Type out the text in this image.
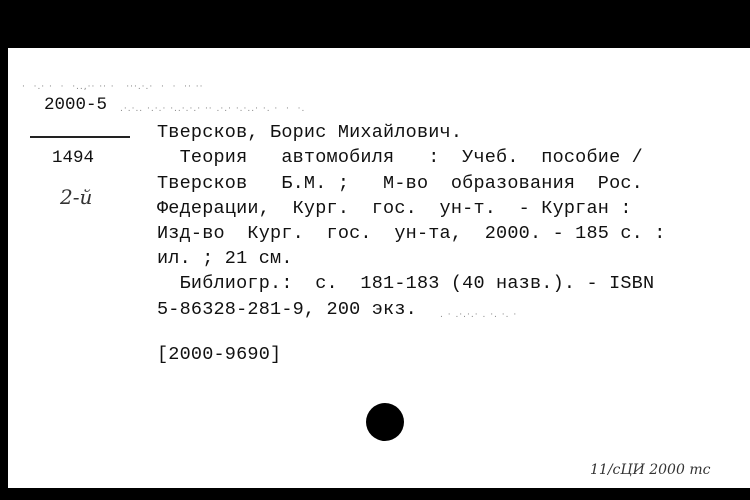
·  ·.· ·  ·  ·..,·· ·· ·   ···.·.·  ·  ·  ·· ··
.·.·.. ·.·.· ·..·.·.· ·· .·.· ·.·..· ·. ·  ·  ·.
2000-5
1494
2-й
Тверсков, Борис Михайлович.
Теория   автомобиля   :  Учеб.  пособие /
Тверсков   Б.М. ;   М-во  образования  Рос.
Федерации,  Кург.  гос.  ун-т.  - Курган :
Изд-во  Кург.  гос.  ун-та,  2000. - 185 с. :
ил. ; 21 см.
Библиогр.:  с.  181-183 (40 назв.). - ISBN
5-86328-281-9, 200 экз.
[2000-9690]
. · .·.·.· . ·. ·. ·
11/cЦИ 2000 тс
